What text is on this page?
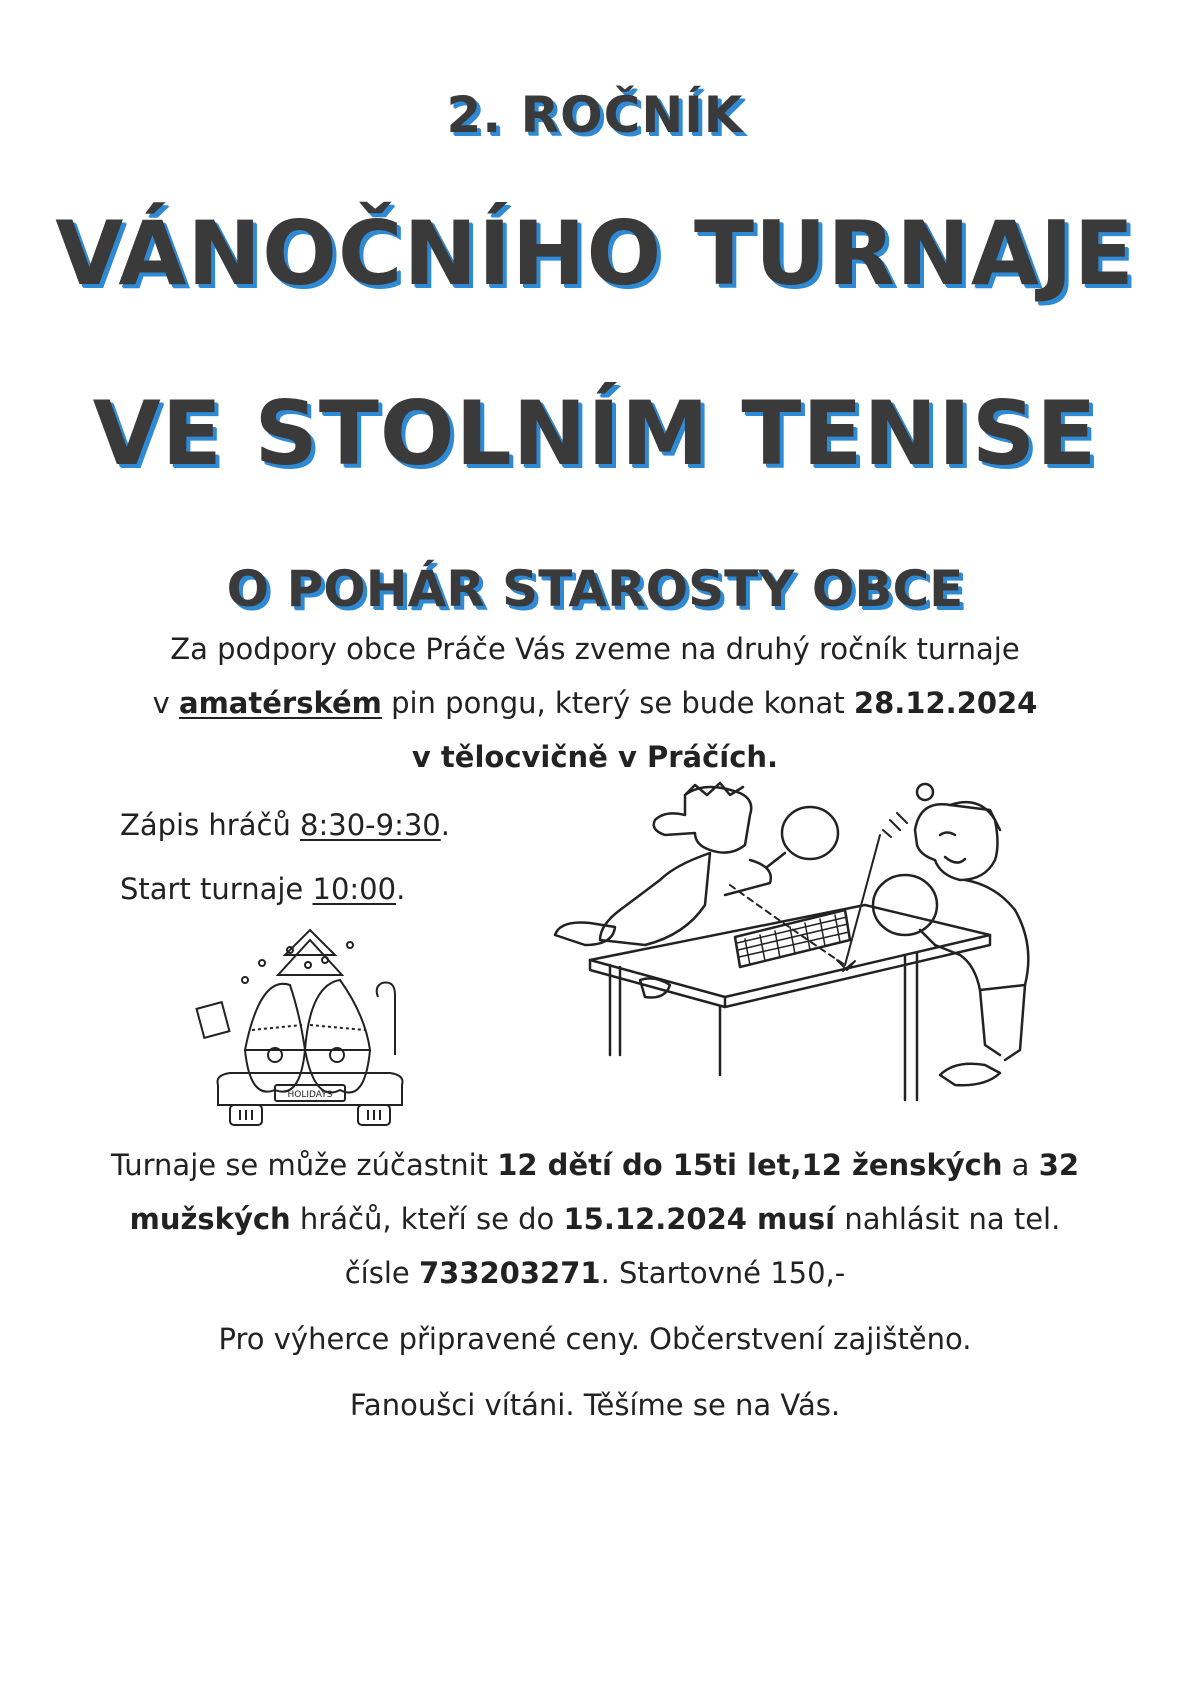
2. ROČNÍK
VÁNOČNÍHO TURNAJE
VE STOLNÍM TENISE
O POHÁR STAROSTY OBCE
Za podpory obce Práče Vás zveme na druhý ročník turnaje
v amatérském pin pongu, který se bude konat 28.12.2024
v tělocvičně v Práčích.
Zápis hráčů 8:30-9:30.
Start turnaje 10:00.
HOLIDAYS
Turnaje se může zúčastnit 12 dětí do 15ti let,12 ženských a 32
mužských hráčů, kteří se do 15.12.2024 musí nahlásit na tel.
čísle 733203271. Startovné 150,-
Pro výherce připravené ceny. Občerstvení zajištěno.
Fanoušci vítáni. Těšíme se na Vás.
